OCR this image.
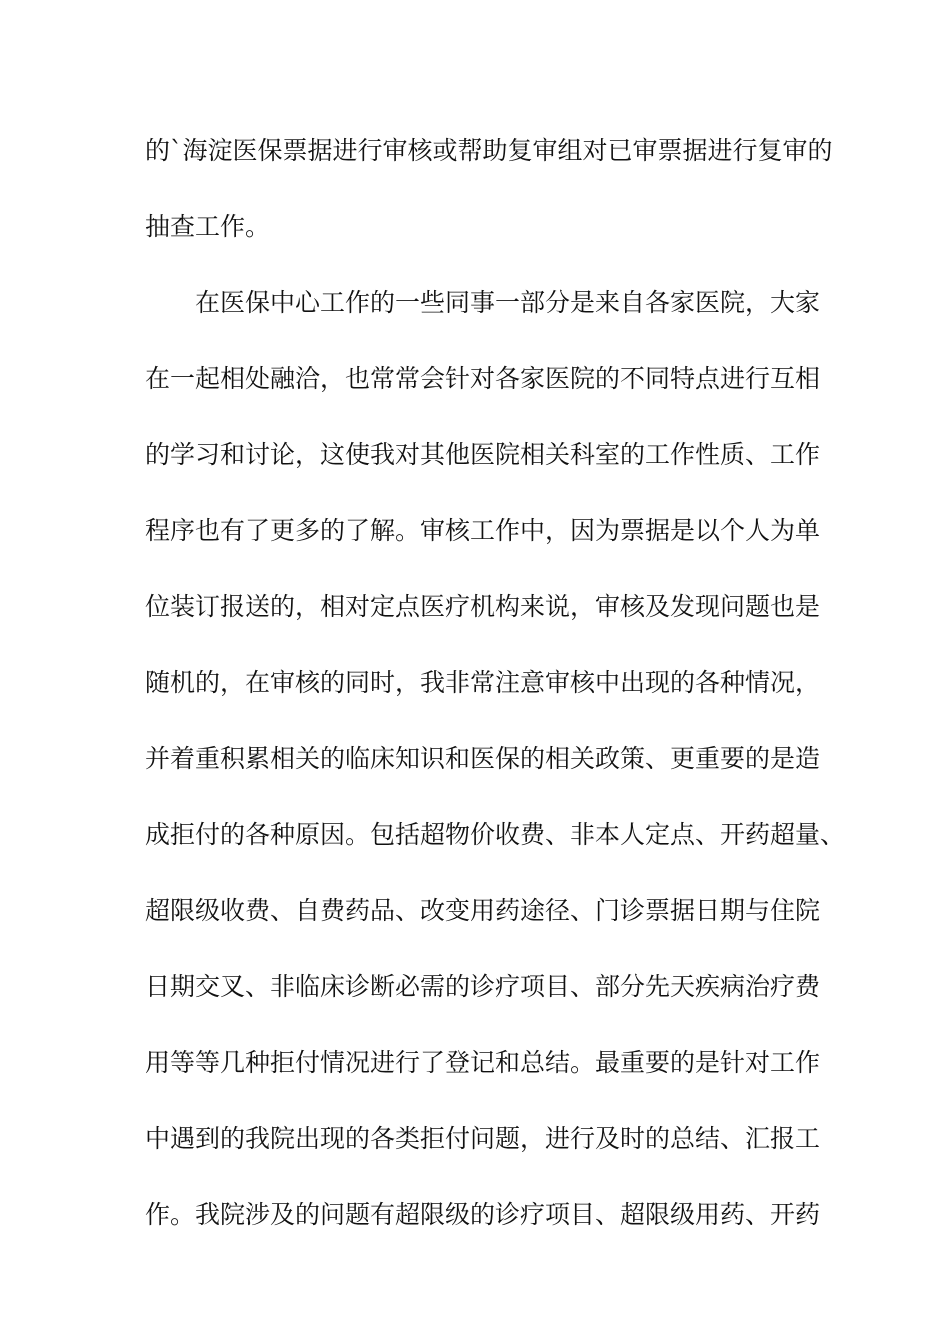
的`海淀医保票据进行审核或帮助复审组对已审票据进行复审的
抽查工作。
在医保中心工作的一些同事一部分是来自各家医院，大家
在一起相处融洽，也常常会针对各家医院的不同特点进行互相
的学习和讨论，这使我对其他医院相关科室的工作性质、工作
程序也有了更多的了解。审核工作中，因为票据是以个人为单
位装订报送的，相对定点医疗机构来说，审核及发现问题也是
随机的，在审核的同时，我非常注意审核中出现的各种情况，
并着重积累相关的临床知识和医保的相关政策、更重要的是造
成拒付的各种原因。包括超物价收费、非本人定点、开药超量、
超限级收费、自费药品、改变用药途径、门诊票据日期与住院
日期交叉、非临床诊断必需的诊疗项目、部分先天疾病治疗费
用等等几种拒付情况进行了登记和总结。最重要的是针对工作
中遇到的我院出现的各类拒付问题，进行及时的总结、汇报工
作。我院涉及的问题有超限级的诊疗项目、超限级用药、开药
